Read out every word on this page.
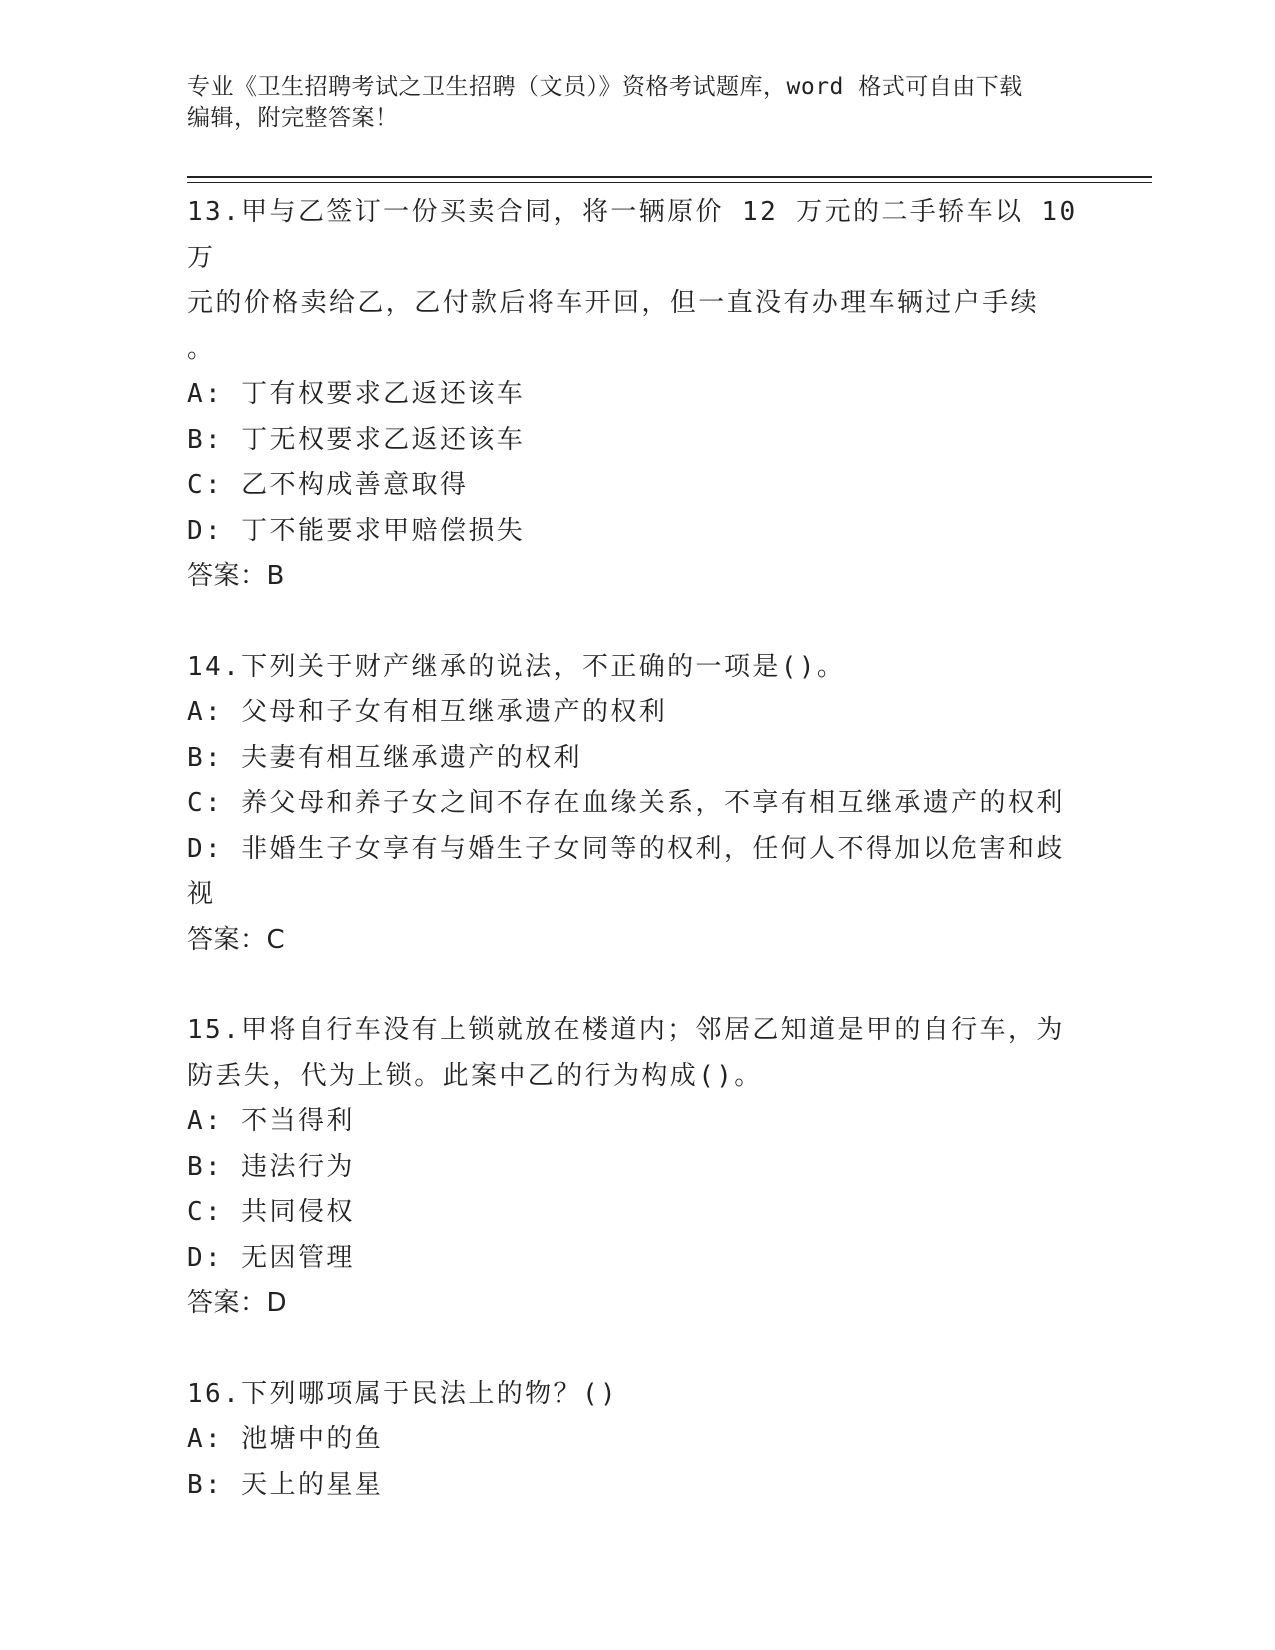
专业《卫生招聘考试之卫生招聘（文员）》资格考试题库，word 格式可自由下载
编辑，附完整答案！
13.甲与乙签订一份买卖合同，将一辆原价 12 万元的二手轿车以 10 万
元的价格卖给乙，乙付款后将车开回，但一直没有办理车辆过户手续
。
A: 丁有权要求乙返还该车
B: 丁无权要求乙返还该车
C: 乙不构成善意取得
D: 丁不能要求甲赔偿损失
答案：B
14.下列关于财产继承的说法，不正确的一项是()。
A: 父母和子女有相互继承遗产的权利
B: 夫妻有相互继承遗产的权利
C: 养父母和养子女之间不存在血缘关系，不享有相互继承遗产的权利
D: 非婚生子女享有与婚生子女同等的权利，任何人不得加以危害和歧
视
答案：C
15.甲将自行车没有上锁就放在楼道内；邻居乙知道是甲的自行车，为
防丢失，代为上锁。此案中乙的行为构成()。
A: 不当得利
B: 违法行为
C: 共同侵权
D: 无因管理
答案：D
16.下列哪项属于民法上的物？()
A: 池塘中的鱼
B: 天上的星星
